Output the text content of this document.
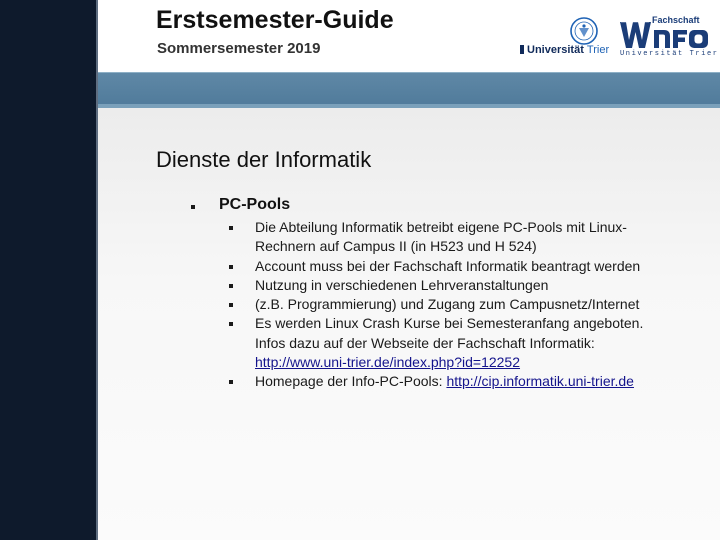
Erstsemester-Guide
Sommersemester 2019	Universität Trier
Fachschaft
Universität Trier
Dienste der Informatik
PC-Pools
Die Abteilung Informatik betreibt eigene PC-Pools mit Linux-
Rechnern auf Campus II (in H523 und H 524)
Account muss bei der Fachschaft Informatik beantragt werden
Nutzung in verschiedenen Lehrveranstaltungen
(z.B. Programmierung) und Zugang zum Campusnetz/Internet
Es werden Linux Crash Kurse bei Semesteranfang angeboten.
Infos dazu auf der Webseite der Fachschaft Informatik:
http://www.uni-trier.de/index.php?id=12252
Homepage der Info-PC-Pools: http://cip.informatik.uni-trier.de
